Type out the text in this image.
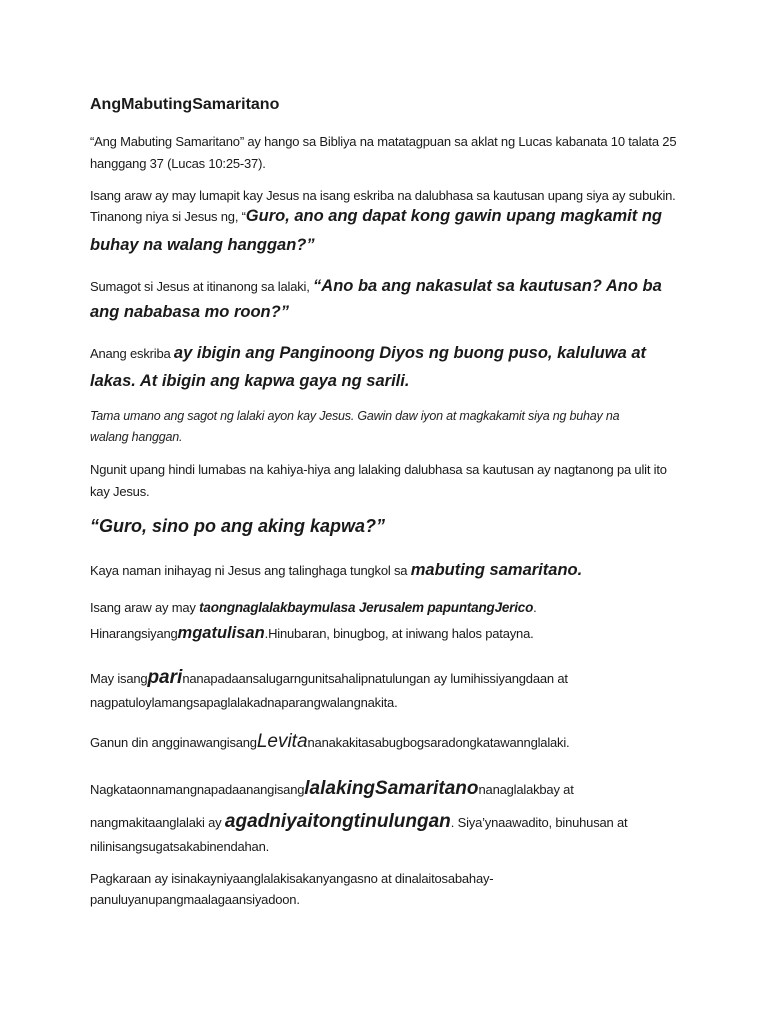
AngMabutingSamaritano
“Ang Mabuting Samaritano” ay hango sa Bibliya na matatagpuan sa aklat ng Lucas kabanata 10 talata 25
hanggang 37 (Lucas 10:25-37).
Isang araw ay may lumapit kay Jesus na isang eskriba na dalubhasa sa kautusan upang siya ay subukin.
Tinanong niya si Jesus ng, “Guro, ano ang dapat kong gawin upang magkamit ng
buhay na walang hanggan?”
Sumagot si Jesus at itinanong sa lalaki, “Ano ba ang nakasulat sa kautusan? Ano ba
ang nababasa mo roon?”
Anang eskriba ay ibigin ang Panginoong Diyos ng buong puso, kaluluwa at
lakas. At ibigin ang kapwa gaya ng sarili.
Tama umano ang sagot ng lalaki ayon kay Jesus. Gawin daw iyon at magkakamit siya ng buhay na
walang hanggan.
Ngunit upang hindi lumabas na kahiya-hiya ang lalaking dalubhasa sa kautusan ay nagtanong pa ulit ito
kay Jesus.
“Guro, sino po ang aking kapwa?”
Kaya naman inihayag ni Jesus ang talinghaga tungkol sa mabuting samaritano.
Isang araw ay may taongnaglalakbaymulasa Jerusalem papuntangJerico.
Hinarangsiyangmgatulisan.Hinubaran, binugbog, at iniwang halos patayna.
May isangparinanapadaansalugarngunitsahalipnatulungan ay lumihissiyangdaan at
nagpatuloylamangsapaglalakadnaparangwalangnakita.
Ganun din angginawangisangLevitananakakitasabugbogsaradongkatawannglalaki.
NagkataonnamangnapadaanangisanglalakingSamaritanonanaglalakbay at
nangmakitaanglalaki ay agadniyaitongtinulungan. Siya’ynaawadito, binuhusan at
nilinisangsugatsakabinendahan.
Pagkaraan ay isinakayniyaanglalakisakanyangasno at dinalaitosabahay-
panuluyanupangmaalagaansiyadoon.
